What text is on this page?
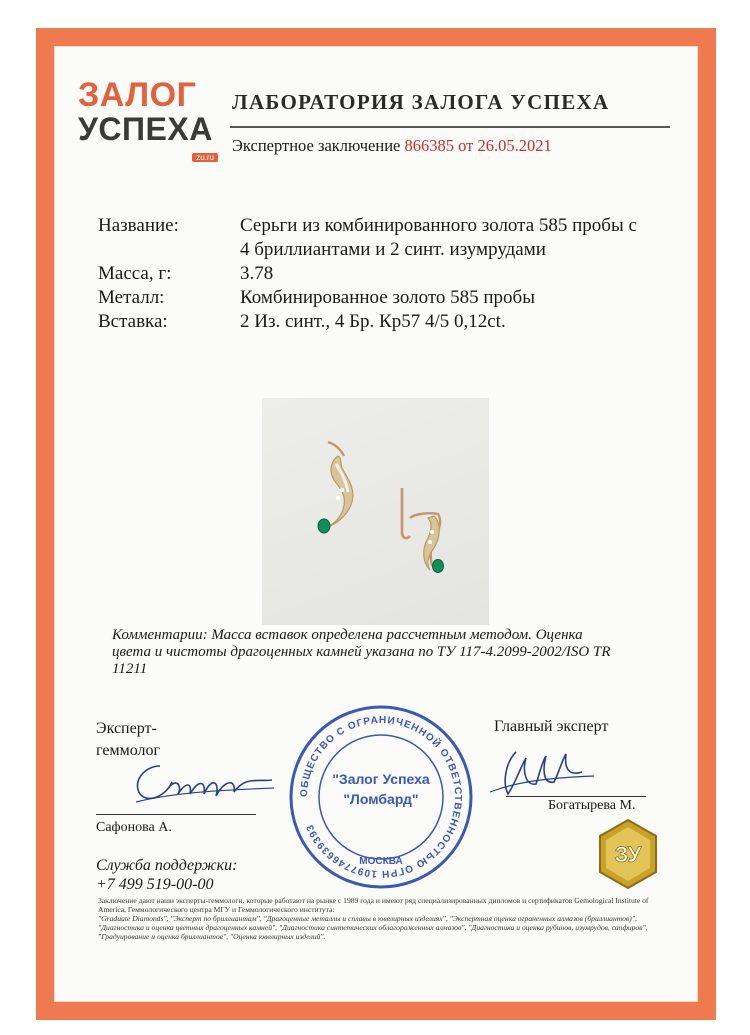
ЗАЛОГ
УСПЕХА
zu.ru
ЛАБОРАТОРИЯ ЗАЛОГА УСПЕХА
Экспертное заключение 866385 от 26.05.2021
Название:	Серьги из комбинированного золота 585 пробы с 4 бриллиантами и 2 синт. изумрудами
Масса, г:	3.78
Металл:	Комбинированное золото 585 пробы
Вставка:	2 Из. синт., 4 Бр. Кр57 4/5 0,12ct.
Комментарии: Масса вставок определена рассчетным методом. Оценка цвета и чистоты драгоценных камней указана по ТУ 117-4.2099-2002/ISO TR 11211
Эксперт-
геммолог
Сафонова А.
Главный эксперт
Богатырева М.
ОБЩЕСТВО С ОГРАНИЧЕННОЙ ОТВЕТСТВЕННОСТЬЮ ОГРН 1097746639393
"Залог Успеха
"Ломбард"
МОСКВА	ЗУ
Служба поддержки:
+7 499 519-00-00
Заключение дают наши эксперты-геммологи, которые работают на рынке с 1989 года и имеют ряд специализированных дипломов и сертификатов Gemological Institute of America, Геммологического центра МГУ и Геммологического института:
"Graduate Diamonds", "Эксперт по бриллиантам", "Драгоценные металлы и сплавы в ювелирных изделиях", "Экспертная оценка ограненных алмазов (бриллиантов)", "Диагностика и оценка цветных драгоценных камней", "Диагностика синтетических облагороженных алмазов", "Диагностика и оценка рубинов, изумрудов, сапфиров", "Градуирование и оценка бриллиантов", "Оценка ювелирных изделий".
